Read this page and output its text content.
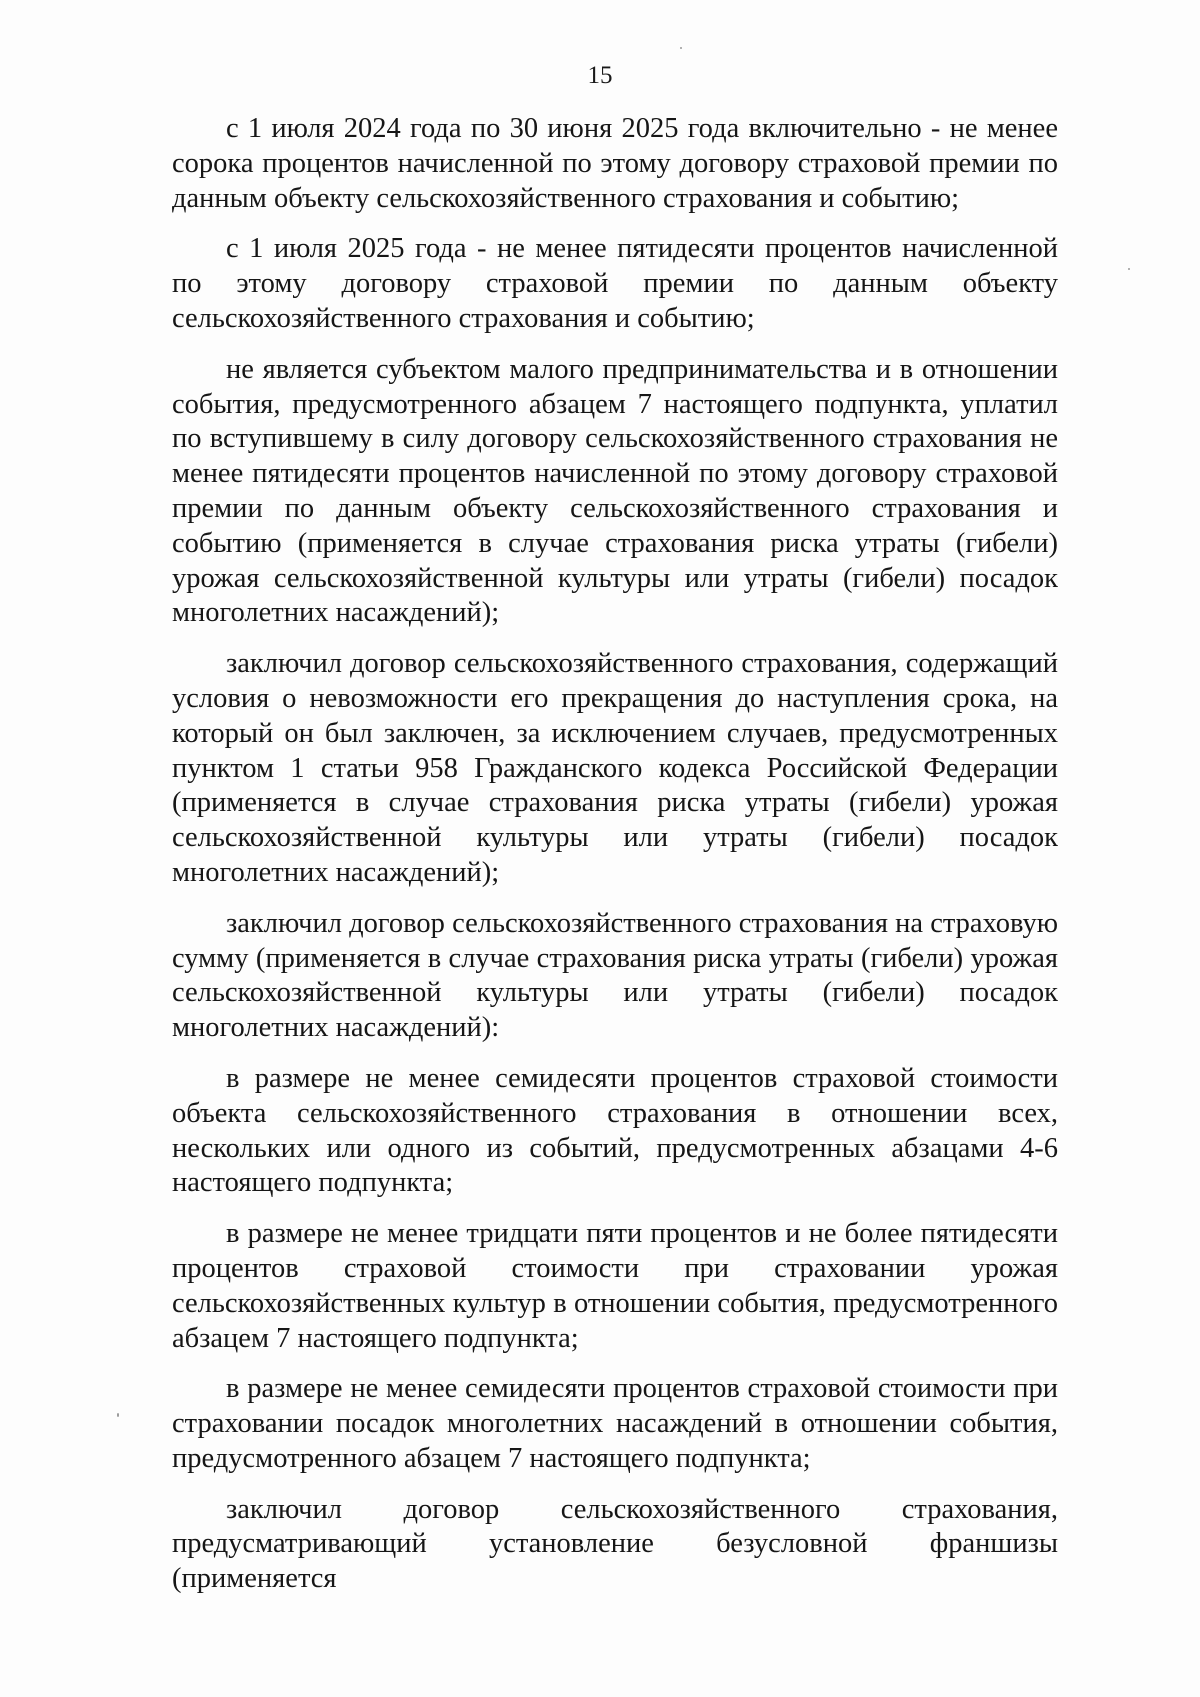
15

с 1 июля 2024 года по 30 июня 2025 года включительно - не менее сорока процентов начисленной по этому договору страховой премии по данным объекту сельскохозяйственного страхования и событию;

с 1 июля 2025 года - не менее пятидесяти процентов начисленной по этому договору страховой премии по данным объекту сельскохозяйственного страхования и событию;

не является субъектом малого предпринимательства и в отношении события, предусмотренного абзацем 7 настоящего подпункта, уплатил по вступившему в силу договору сельскохозяйственного страхования не менее пятидесяти процентов начисленной по этому договору страховой премии по данным объекту сельскохозяйственного страхования и событию (применяется в случае страхования риска утраты (гибели) урожая сельскохозяйственной культуры или утраты (гибели) посадок многолетних насаждений);

заключил договор сельскохозяйственного страхования, содержащий условия о невозможности его прекращения до наступления срока, на который он был заключен, за исключением случаев, предусмотренных пунктом 1 статьи 958 Гражданского кодекса Российской Федерации (применяется в случае страхования риска утраты (гибели) урожая сельскохозяйственной культуры или утраты (гибели) посадок многолетних насаждений);

заключил договор сельскохозяйственного страхования на страховую сумму (применяется в случае страхования риска утраты (гибели) урожая сельскохозяйственной культуры или утраты (гибели) посадок многолетних насаждений):

в размере не менее семидесяти процентов страховой стоимости объекта сельскохозяйственного страхования в отношении всех, нескольких или одного из событий, предусмотренных абзацами 4-6 настоящего подпункта;

в размере не менее тридцати пяти процентов и не более пятидесяти процентов страховой стоимости при страховании урожая сельскохозяйственных культур в отношении события, предусмотренного абзацем 7 настоящего подпункта;

в размере не менее семидесяти процентов страховой стоимости при страховании посадок многолетних насаждений в отношении события, предусмотренного абзацем 7 настоящего подпункта;

заключил договор сельскохозяйственного страхования, предусматривающий установление безусловной франшизы (применяется
